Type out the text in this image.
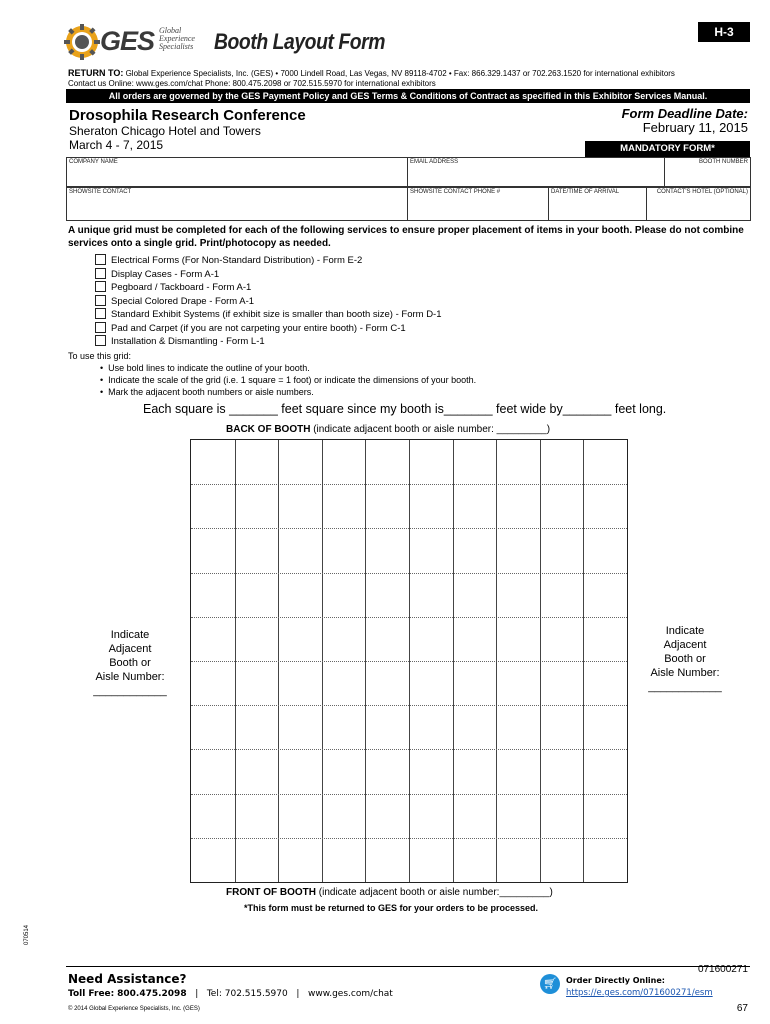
GES Global
Experience
Specialists Booth Layout Form	H-3
RETURN TO: Global Experience Specialists, Inc. (GES) • 7000 Lindell Road, Las Vegas, NV 89118-4702 • Fax: 866.329.1437 or 702.263.1520 for international exhibitors
Contact us Online: www.ges.com/chat Phone: 800.475.2098 or 702.515.5970 for international exhibitors
All orders are governed by the GES Payment Policy and GES Terms & Conditions of Contract as specified in this Exhibitor Services Manual.
Drosophila Research Conference
Sheraton Chicago Hotel and Towers
March 4 - 7, 2015
Form Deadline Date:
February 11, 2015
MANDATORY FORM*
COMPANY NAME	EMAIL ADDRESS	BOOTH NUMBER
SHOWSITE CONTACT	SHOWSITE CONTACT PHONE #	DATE/TIME OF ARRIVAL	CONTACT'S HOTEL (OPTIONAL)
A unique grid must be completed for each of the following services to ensure proper placement of items in your booth. Please do not combine services onto a single grid. Print/photocopy as needed.
Electrical Forms (For Non-Standard Distribution) - Form E-2
Display Cases - Form A-1
Pegboard / Tackboard - Form A-1
Special Colored Drape - Form A-1
Standard Exhibit Systems (if exhibit size is smaller than booth size) - Form D-1
Pad and Carpet (if you are not carpeting your entire booth) - Form C-1
Installation & Dismantling - Form L-1
To use this grid:
•  Use bold lines to indicate the outline of your booth.
•  Indicate the scale of the grid (i.e. 1 square = 1 foot) or indicate the dimensions of your booth.
•  Mark the adjacent booth numbers or aisle numbers.
Each square is _______ feet square since my booth is_______ feet wide by_______ feet long.
BACK OF BOOTH (indicate adjacent booth or aisle number: _________)
Indicate
Adjacent
Booth or
Aisle Number:
____________
Indicate
Adjacent
Booth or
Aisle Number:
____________
FRONT OF BOOTH (indicate adjacent booth or aisle number:_________)
*This form must be returned to GES for your orders to be processed.
070514
Need Assistance?
Toll Free: 800.475.2098 | Tel: 702.515.5970 | www.ges.com/chat
© 2014 Global Experience Specialists, Inc. (GES)
🛒︎	Order Directly Online:
https://e.ges.com/071600271/esm
071600271
67
